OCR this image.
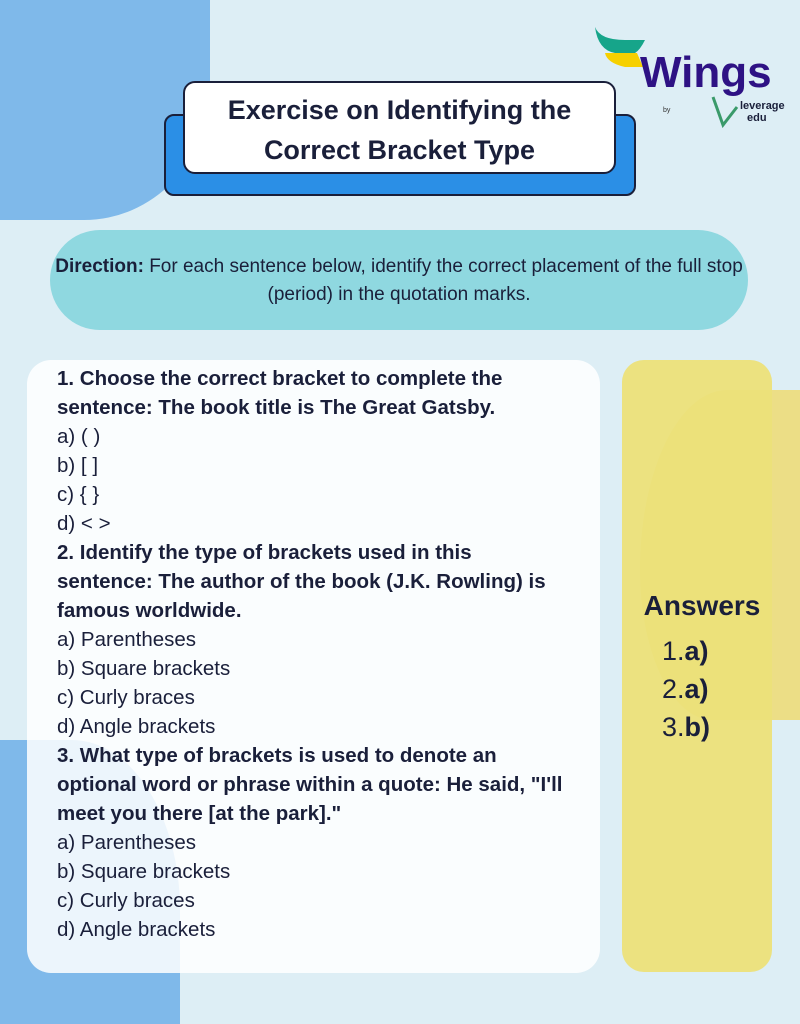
Wings
by	leverage
edu
Exercise on Identifying the Correct Bracket Type
Direction: For each sentence below, identify the correct placement of the full stop (period) in the quotation marks.
1. Choose the correct bracket to complete the sentence: The book title is The Great Gatsby.
a) ( )
b) [ ]
c) { }
d) < >
2. Identify the type of brackets used in this sentence: The author of the book (J.K. Rowling) is famous worldwide.
a) Parentheses
b) Square brackets
c) Curly braces
d) Angle brackets
3. What type of brackets is used to denote an optional word or phrase within a quote: He said, "I'll meet you there [at the park]."
a) Parentheses
b) Square brackets
c) Curly braces
d) Angle brackets
Answers
1.a)
2.a)
3.b)
